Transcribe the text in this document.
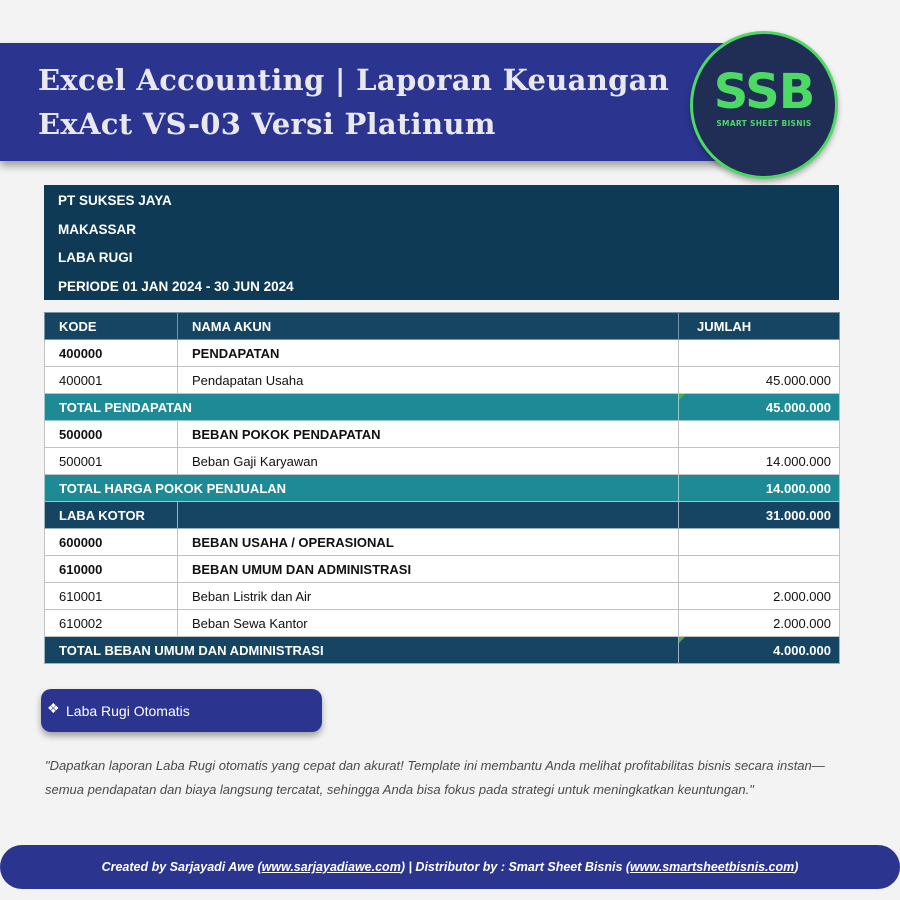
Excel Accounting | Laporan Keuangan
ExAct VS-03 Versi Platinum
SSB
SMART SHEET BISNIS
PT SUKSES JAYA
MAKASSAR
LABA RUGI
PERIODE 01 JAN 2024 - 30 JUN 2024
KODE	NAMA AKUN	JUMLAH
400000	PENDAPATAN	
400001	Pendapatan Usaha	45.000.000
TOTAL PENDAPATAN		45.000.000
500000	BEBAN POKOK PENDAPATAN	
500001	Beban Gaji Karyawan	14.000.000
TOTAL HARGA POKOK PENJUALAN		14.000.000
LABA KOTOR		31.000.000
600000	BEBAN USAHA / OPERASIONAL	
610000	BEBAN UMUM DAN ADMINISTRASI	
610001	Beban Listrik dan Air	2.000.000
610002	Beban Sewa Kantor	2.000.000
TOTAL BEBAN UMUM DAN ADMINISTRASI		4.000.000
❖ Laba Rugi Otomatis
"Dapatkan laporan Laba Rugi otomatis yang cepat dan akurat! Template ini membantu Anda melihat profitabilitas bisnis secara instan—
semua pendapatan dan biaya langsung tercatat, sehingga Anda bisa fokus pada strategi untuk meningkatkan keuntungan."
Created by Sarjayadi Awe (www.sarjayadiawe.com) | Distributor by : Smart Sheet Bisnis (www.smartsheetbisnis.com)
